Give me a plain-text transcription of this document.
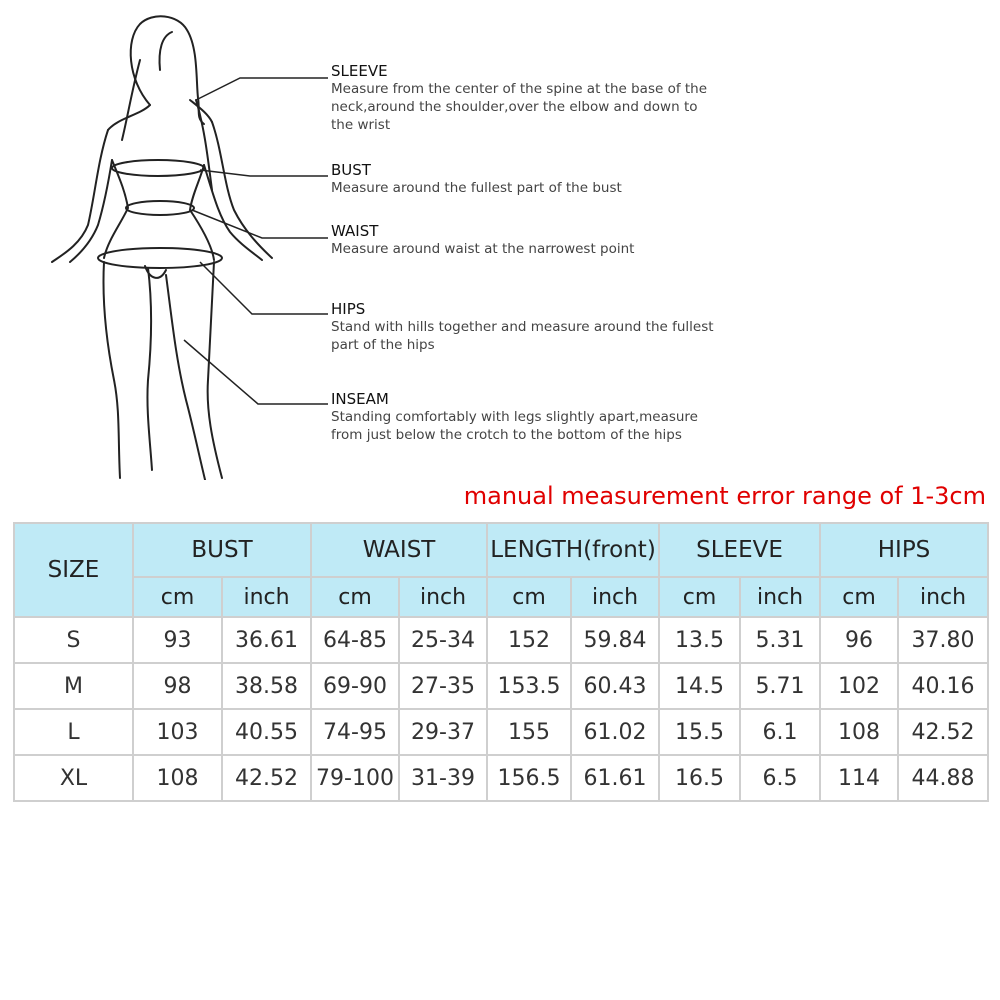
SLEEVE
Measure from the center of the spine at the base of the
neck,around the shoulder,over the elbow and down to
the wrist
BUST
Measure around the fullest part of the bust
WAIST
Measure around waist at the narrowest point
HIPS
Stand with hills together and measure around the fullest
part of the hips
INSEAM
Standing comfortably with legs slightly apart,measure
from just below the crotch to the bottom of the hips
manual measurement error range of 1-3cm
SIZE	BUST		WAIST		LENGTH(front)		SLEEVE		HIPS	
	cm	inch	cm	inch	cm	inch	cm	inch	cm	inch
S	93	36.61	64-85	25-34	152	59.84	13.5	5.31	96	37.80
M	98	38.58	69-90	27-35	153.5	60.43	14.5	5.71	102	40.16
L	103	40.55	74-95	29-37	155	61.02	15.5	6.1	108	42.52
XL	108	42.52	79-100	31-39	156.5	61.61	16.5	6.5	114	44.88
